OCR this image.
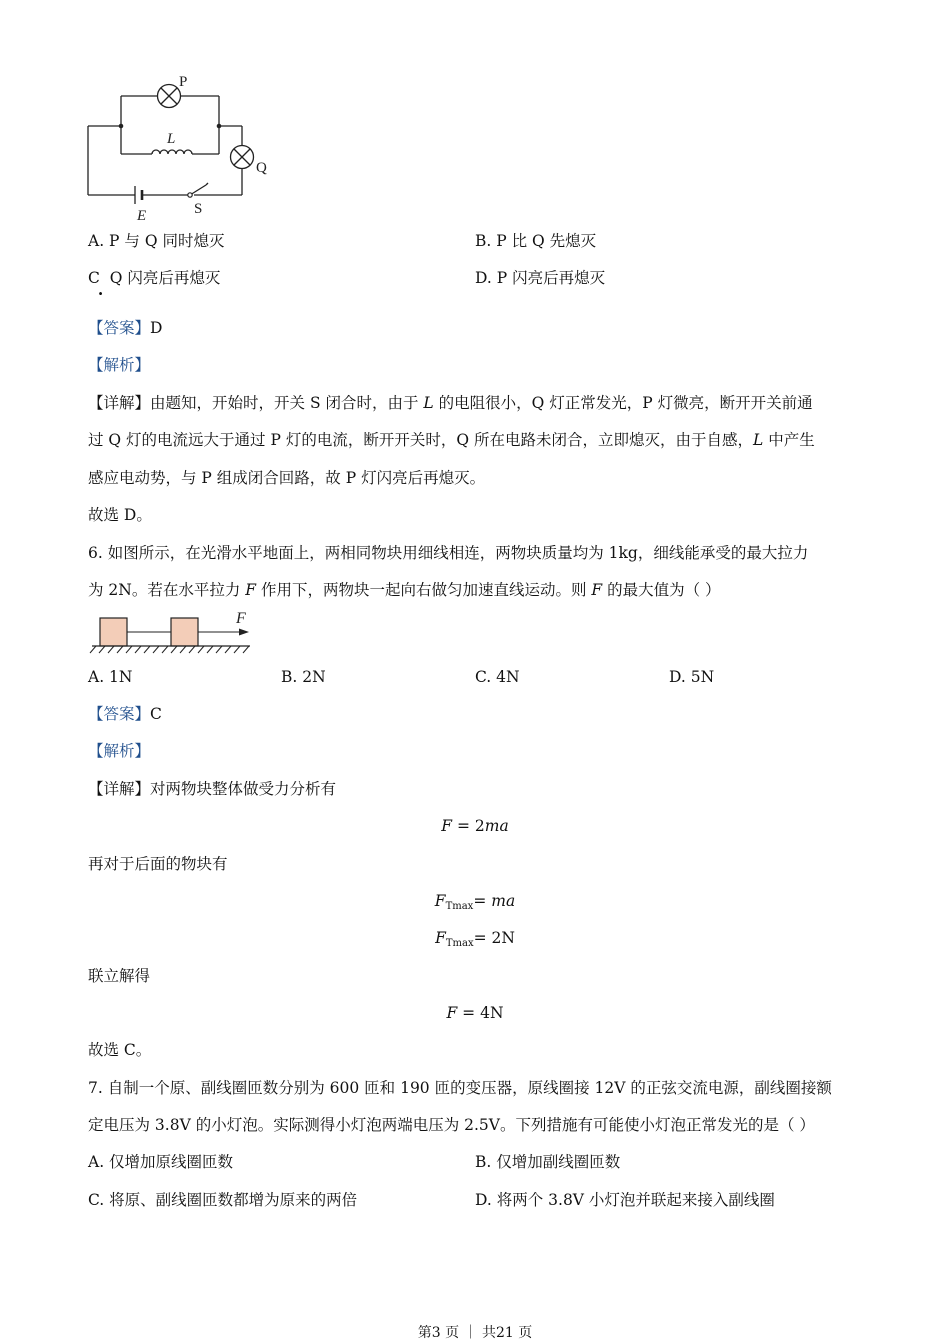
P
L
Q
E	S
A. P 与 Q 同时熄灭	B. P 比 Q 先熄灭
C
.
Q 闪亮后再熄灭	D. P 闪亮后再熄灭
【答案】D
【解析】
【详解】由题知，开始时，开关 S 闭合时，由于 L 的电阻很小，Q 灯正常发光，P 灯微亮，断开开关前通
过 Q 灯的电流远大于通过 P 灯的电流，断开开关时，Q 所在电路未闭合，立即熄灭，由于自感，L 中产生
感应电动势，与 P 组成闭合回路，故 P 灯闪亮后再熄灭。
故选 D。
6. 如图所示，在光滑水平地面上，两相同物块用细线相连，两物块质量均为 1kg，细线能承受的最大拉力
为 2N。若在水平拉力 F 作用下，两物块一起向右做匀加速直线运动。则 F 的最大值为（ ）
F
A. 1N	B. 2N	C. 4N	D. 5N
【答案】C
【解析】
【详解】对两物块整体做受力分析有
F = 2ma
再对于后面的物块有
$F_{Tmax}=$ ma
$F_{Tmax}= 2N$
联立解得
F = 4N
故选 C。
7. 自制一个原、副线圈匝数分别为 600 匝和 190 匝的变压器，原线圈接 12V 的正弦交流电源，副线圈接额
定电压为 3.8V 的小灯泡。实际测得小灯泡两端电压为 2.5V。下列措施有可能使小灯泡正常发光的是（ ）
A. 仅增加原线圈匝数	B. 仅增加副线圈匝数
C. 将原、副线圈匝数都增为原来的两倍	D. 将两个 3.8V 小灯泡并联起来接入副线圈
第3 页 ｜ 共21 页
